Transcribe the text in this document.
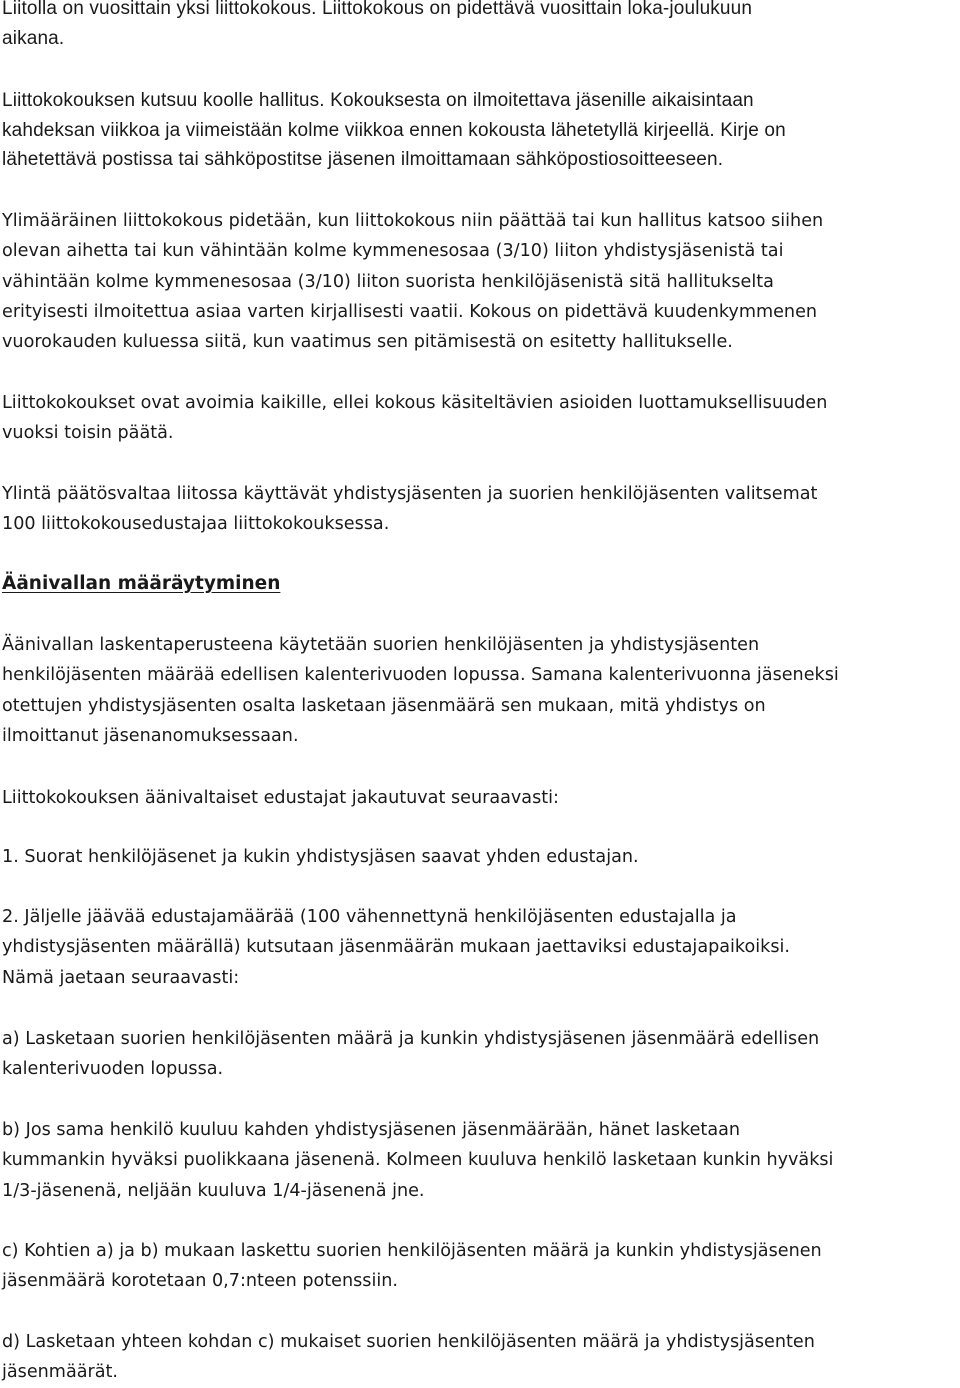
Liitolla on vuosittain yksi liittokokous. Liittokokous on pidettävä vuosittain loka-joulukuun
aikana.

Liittokokouksen kutsuu koolle hallitus. Kokouksesta on ilmoitettava jäsenille aikaisintaan
kahdeksan viikkoa ja viimeistään kolme viikkoa ennen kokousta lähetetyllä kirjeellä. Kirje on
lähetettävä postissa tai sähköpostitse jäsenen ilmoittamaan sähköpostiosoitteeseen.

Ylimääräinen liittokokous pidetään, kun liittokokous niin päättää tai kun hallitus katsoo siihen
olevan aihetta tai kun vähintään kolme kymmenesosaa (3/10) liiton yhdistysjäsenistä tai
vähintään kolme kymmenesosaa (3/10) liiton suorista henkilöjäsenistä sitä hallitukselta
erityisesti ilmoitettua asiaa varten kirjallisesti vaatii. Kokous on pidettävä kuudenkymmenen
vuorokauden kuluessa siitä, kun vaatimus sen pitämisestä on esitetty hallitukselle.

Liittokokoukset ovat avoimia kaikille, ellei kokous käsiteltävien asioiden luottamuksellisuuden
vuoksi toisin päätä.

Ylintä päätösvaltaa liitossa käyttävät yhdistysjäsenten ja suorien henkilöjäsenten valitsemat
100 liittokokousedustajaa liittokokouksessa.

Äänivallan määräytyminen

Äänivallan laskentaperusteena käytetään suorien henkilöjäsenten ja yhdistysjäsenten
henkilöjäsenten määrää edellisen kalenterivuoden lopussa. Samana kalenterivuonna jäseneksi
otettujen yhdistysjäsenten osalta lasketaan jäsenmäärä sen mukaan, mitä yhdistys on
ilmoittanut jäsenanomuksessaan.

Liittokokouksen äänivaltaiset edustajat jakautuvat seuraavasti:

1. Suorat henkilöjäsenet ja kukin yhdistysjäsen saavat yhden edustajan.

2. Jäljelle jäävää edustajamäärää (100 vähennettynä henkilöjäsenten edustajalla ja
yhdistysjäsenten määrällä) kutsutaan jäsenmäärän mukaan jaettaviksi edustajapaikoiksi.
Nämä jaetaan seuraavasti:

a) Lasketaan suorien henkilöjäsenten määrä ja kunkin yhdistysjäsenen jäsenmäärä edellisen
kalenterivuoden lopussa.

b) Jos sama henkilö kuuluu kahden yhdistysjäsenen jäsenmäärään, hänet lasketaan
kummankin hyväksi puolikkaana jäsenenä. Kolmeen kuuluva henkilö lasketaan kunkin hyväksi
1/3-jäsenenä, neljään kuuluva 1/4-jäsenenä jne.

c) Kohtien a) ja b) mukaan laskettu suorien henkilöjäsenten määrä ja kunkin yhdistysjäsenen
jäsenmäärä korotetaan 0,7:nteen potenssiin.

d) Lasketaan yhteen kohdan c) mukaiset suorien henkilöjäsenten määrä ja yhdistysjäsenten
jäsenmäärät.
